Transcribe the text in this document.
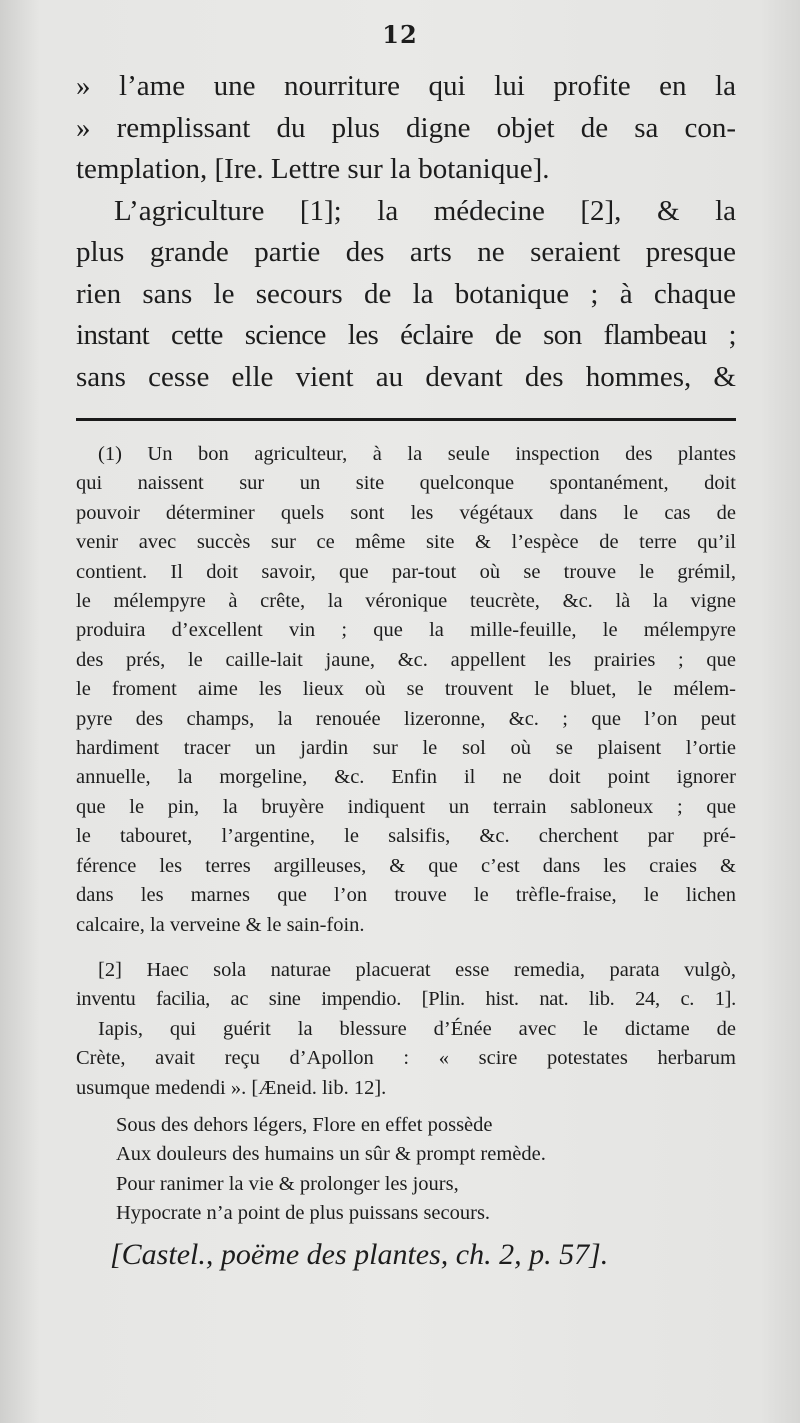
12
» l’ame une nourriture qui lui profite en la
» remplissant du plus digne objet de sa con-
templation, [Ire. Lettre sur la botanique].
L’agriculture [1]; la médecine [2], & la
plus grande partie des arts ne seraient presque
rien sans le secours de la botanique ; à chaque
instant cette science les éclaire de son flambeau ;
sans cesse elle vient au devant des hommes, &
(1) Un bon agriculteur, à la seule inspection des plantes
qui naissent sur un site quelconque spontanément, doit
pouvoir déterminer quels sont les végétaux dans le cas de
venir avec succès sur ce même site & l’espèce de terre qu’il
contient. Il doit savoir, que par-tout où se trouve le grémil,
le mélempyre à crête, la véronique teucrète, &c. là la vigne
produira d’excellent vin ; que la mille-feuille, le mélempyre
des prés, le caille-lait jaune, &c. appellent les prairies ; que
le froment aime les lieux où se trouvent le bluet, le mélem-
pyre des champs, la renouée lizeronne, &c. ; que l’on peut
hardiment tracer un jardin sur le sol où se plaisent l’ortie
annuelle, la morgeline, &c. Enfin il ne doit point ignorer
que le pin, la bruyère indiquent un terrain sabloneux ; que
le tabouret, l’argentine, le salsifis, &c. cherchent par pré-
férence les terres argilleuses, & que c’est dans les craies &
dans les marnes que l’on trouve le trèfle-fraise, le lichen
calcaire, la verveine & le sain-foin.
[2] Haec sola naturae placuerat esse remedia, parata vulgò,
inventu facilia, ac sine impendio. [Plin. hist. nat. lib. 24, c. 1].
Iapis, qui guérit la blessure d’Énée avec le dictame de
Crète, avait reçu d’Apollon : « scire potestates herbarum
usumque medendi ». [Æneid. lib. 12].
Sous des dehors légers, Flore en effet possède
Aux douleurs des humains un sûr & prompt remède.
Pour ranimer la vie & prolonger les jours,
Hypocrate n’a point de plus puissans secours.
[Castel., poëme des plantes, ch. 2, p. 57].
